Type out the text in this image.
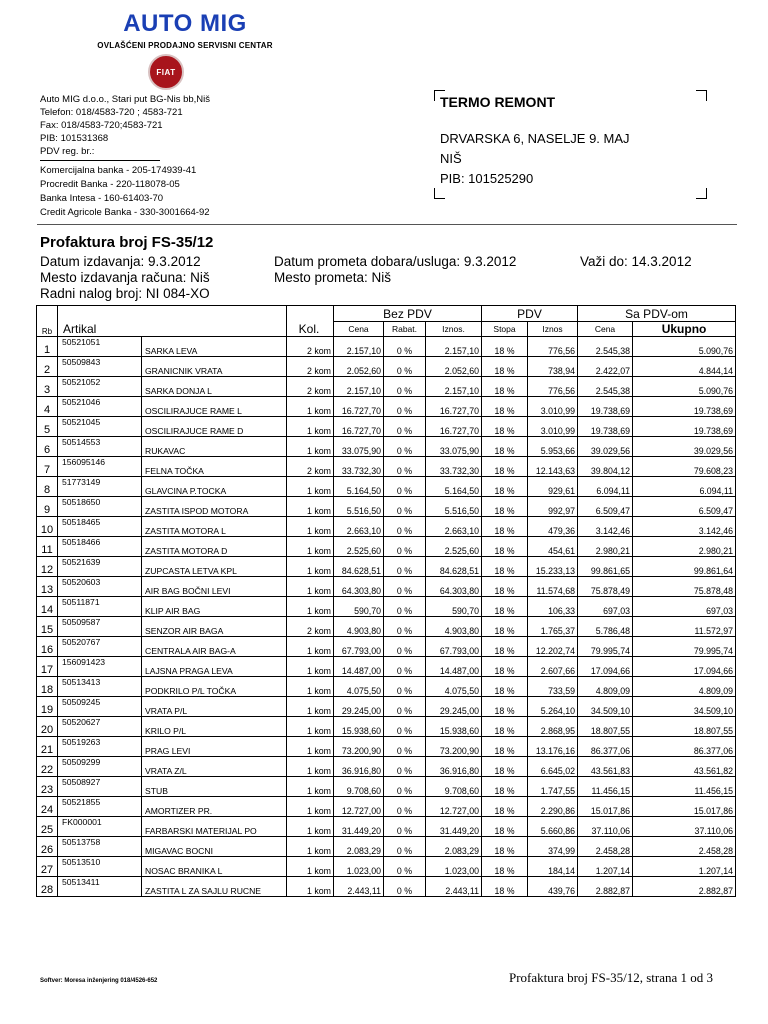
AUTO MIG
OVLAŠĆENI PRODAJNO SERVISNI CENTAR
FIAT
Auto MIG d.o.o., Stari put BG-Nis bb,Niš
Telefon: 018/4583-720 ; 4583-721
Fax: 018/4583-720;4583-721
PIB: 101531368
PDV reg. br.:
Komercijalna banka - 205-174939-41
Procredit Banka - 220-118078-05
Banka Intesa - 160-61403-70
Credit Agricole Banka - 330-3001664-92
TERMO REMONT
DRVARSKA 6, NASELJE 9. MAJ
NIŠ
PIB: 101525290
Profaktura broj FS-35/12
Datum izdavanja: 9.3.2012
Mesto izdavanja računa: Niš
Radni nalog broj: NI 084-XO
Datum prometa dobara/usluga: 9.3.2012
Mesto prometa: Niš
Važi do: 14.3.2012
Rb	Artikal		Kol.	Bez PDV			PDV		Sa PDV-om	
				Cena	Rabat.	Iznos.	Stopa	Iznos	Cena	Ukupno
1	50521051	SARKA LEVA	2 kom	2.157,10	0 %	2.157,10	18 %	776,56	2.545,38	5.090,76
2	50509843	GRANICNIK VRATA	2 kom	2.052,60	0 %	2.052,60	18 %	738,94	2.422,07	4.844,14
3	50521052	SARKA DONJA L	2 kom	2.157,10	0 %	2.157,10	18 %	776,56	2.545,38	5.090,76
4	50521046	OSCILIRAJUCE RAME L	1 kom	16.727,70	0 %	16.727,70	18 %	3.010,99	19.738,69	19.738,69
5	50521045	OSCILIRAJUCE RAME D	1 kom	16.727,70	0 %	16.727,70	18 %	3.010,99	19.738,69	19.738,69
6	50514553	RUKAVAC	1 kom	33.075,90	0 %	33.075,90	18 %	5.953,66	39.029,56	39.029,56
7	156095146	FELNA TOČKA	2 kom	33.732,30	0 %	33.732,30	18 %	12.143,63	39.804,12	79.608,23
8	51773149	GLAVCINA P.TOCKA	1 kom	5.164,50	0 %	5.164,50	18 %	929,61	6.094,11	6.094,11
9	50518650	ZASTITA ISPOD MOTORA	1 kom	5.516,50	0 %	5.516,50	18 %	992,97	6.509,47	6.509,47
10	50518465	ZASTITA MOTORA L	1 kom	2.663,10	0 %	2.663,10	18 %	479,36	3.142,46	3.142,46
11	50518466	ZASTITA MOTORA D	1 kom	2.525,60	0 %	2.525,60	18 %	454,61	2.980,21	2.980,21
12	50521639	ZUPCASTA LETVA KPL	1 kom	84.628,51	0 %	84.628,51	18 %	15.233,13	99.861,65	99.861,64
13	50520603	AIR BAG BOČNI LEVI	1 kom	64.303,80	0 %	64.303,80	18 %	11.574,68	75.878,49	75.878,48
14	50511871	KLIP AIR BAG	1 kom	590,70	0 %	590,70	18 %	106,33	697,03	697,03
15	50509587	SENZOR AIR BAGA	2 kom	4.903,80	0 %	4.903,80	18 %	1.765,37	5.786,48	11.572,97
16	50520767	CENTRALA AIR BAG-A	1 kom	67.793,00	0 %	67.793,00	18 %	12.202,74	79.995,74	79.995,74
17	156091423	LAJSNA PRAGA LEVA	1 kom	14.487,00	0 %	14.487,00	18 %	2.607,66	17.094,66	17.094,66
18	50513413	PODKRILO P/L TOČKA	1 kom	4.075,50	0 %	4.075,50	18 %	733,59	4.809,09	4.809,09
19	50509245	VRATA P/L	1 kom	29.245,00	0 %	29.245,00	18 %	5.264,10	34.509,10	34.509,10
20	50520627	KRILO P/L	1 kom	15.938,60	0 %	15.938,60	18 %	2.868,95	18.807,55	18.807,55
21	50519263	PRAG LEVI	1 kom	73.200,90	0 %	73.200,90	18 %	13.176,16	86.377,06	86.377,06
22	50509299	VRATA Z/L	1 kom	36.916,80	0 %	36.916,80	18 %	6.645,02	43.561,83	43.561,82
23	50508927	STUB	1 kom	9.708,60	0 %	9.708,60	18 %	1.747,55	11.456,15	11.456,15
24	50521855	AMORTIZER PR.	1 kom	12.727,00	0 %	12.727,00	18 %	2.290,86	15.017,86	15.017,86
25	FK000001	FARBARSKI MATERIJAL PO	1 kom	31.449,20	0 %	31.449,20	18 %	5.660,86	37.110,06	37.110,06
26	50513758	MIGAVAC BOCNI	1 kom	2.083,29	0 %	2.083,29	18 %	374,99	2.458,28	2.458,28
27	50513510	NOSAC BRANIKA L	1 kom	1.023,00	0 %	1.023,00	18 %	184,14	1.207,14	1.207,14
28	50513411	ZASTITA L ZA SAJLU RUCNE	1 kom	2.443,11	0 %	2.443,11	18 %	439,76	2.882,87	2.882,87
Softver: Moresa inženjering 018/4526-652	Profaktura broj FS-35/12, strana 1 od 3
